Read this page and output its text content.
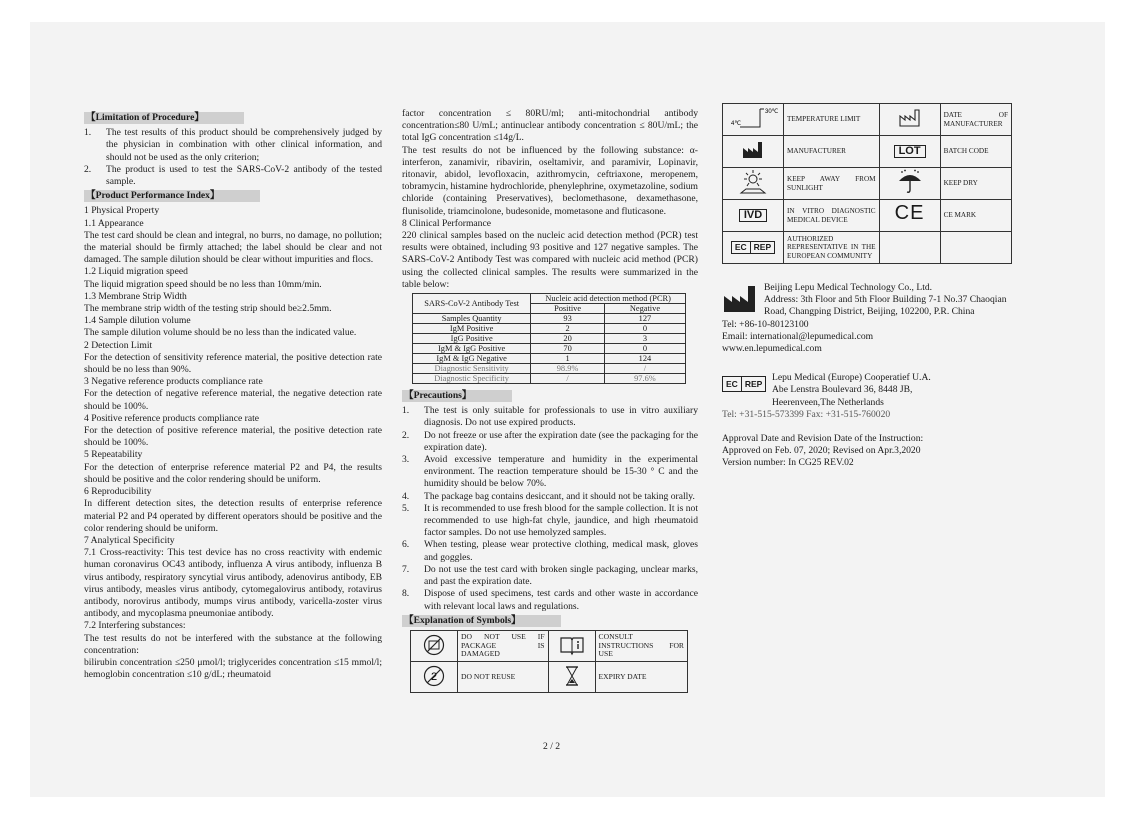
【Limitation of Procedure】
1.	The test results of this product should be comprehensively judged by the physician in combination with other clinical information, and should not be used as the only criterion;
2.	The product is used to test the SARS-CoV-2 antibody of the tested sample.
【Product Performance Index】

1 Physical Property

1.1 Appearance

The test card should be clean and integral, no burrs, no damage, no pollution; the material should be firmly attached; the label should be clear and not damaged. The sample dilution should be clear without impurities and flocs.

1.2 Liquid migration speed

The liquid migration speed should be no less than 10mm/min.

1.3 Membrane Strip Width

The membrane strip width of the testing strip should be≥2.5mm.

1.4 Sample dilution volume

The sample dilution volume should be no less than the indicated value.

2 Detection Limit

For the detection of sensitivity reference material, the positive detection rate should be no less than 90%.

3 Negative reference products compliance rate

For the detection of negative reference material, the negative detection rate should be 100%.

4 Positive reference products compliance rate

For the detection of positive reference material, the positive detection rate should be 100%.

5 Repeatability

For the detection of enterprise reference material P2 and P4, the results should be positive and the color rendering should be uniform.

6 Reproducibility

In different detection sites, the detection results of enterprise reference material P2 and P4 operated by different operators should be positive and the color rendering should be uniform.

7 Analytical Specificity

7.1 Cross-reactivity: This test device has no cross reactivity with endemic human coronavirus OC43 antibody, influenza A virus antibody, influenza B virus antibody, respiratory syncytial virus antibody, adenovirus antibody, EB virus antibody, measles virus antibody, cytomegalovirus antibody, rotavirus antibody, norovirus antibody, mumps virus antibody, varicella-zoster virus antibody, and mycoplasma pneumoniae antibody.

7.2 Interfering substances:

The test results do not be interfered with the substance at the following concentration:

bilirubin concentration ≤250 μmol/l; triglycerides concentration ≤15 mmol/l; hemoglobin concentration ≤10 g/dL; rheumatoid

factor concentration ≤ 80RU/ml; anti-mitochondrial antibody concentration≤80 U/mL; antinuclear antibody concentration ≤ 80U/mL; the total IgG concentration ≤14g/L.

The test results do not be influenced by the following substance: α-interferon, zanamivir, ribavirin, oseltamivir, and paramivir, Lopinavir, ritonavir, abidol, levofloxacin, azithromycin, ceftriaxone, meropenem, tobramycin, histamine hydrochloride, phenylephrine, oxymetazoline, sodium chloride (containing Preservatives), beclomethasone, dexamethasone, flunisolide, triamcinolone, budesonide, mometasone and fluticasone.

8 Clinical Performance

220 clinical samples based on the nucleic acid detection method (PCR) test results were obtained, including 93 positive and 127 negative samples. The SARS-CoV-2 Antibody Test was compared with nucleic acid method (PCR) using the collected clinical samples. The results were summarized in the table below:

SARS-CoV-2 Antibody Test	Nucleic acid detection method (PCR)	
	Positive	Negative
Samples Quantity	93	127
IgM Positive	2	0
IgG Positive	20	3
IgM & IgG Positive	70	0
IgM & IgG Negative	1	124
Diagnostic Sensitivity	98.9%	/
Diagnostic Specificity	/	97.6%
【Precautions】
1.	The test is only suitable for professionals to use in vitro auxiliary diagnosis. Do not use expired products.
2.	Do not freeze or use after the expiration date (see the packaging for the expiration date).
3.	Avoid excessive temperature and humidity in the experimental environment. The reaction temperature should be 15-30 ° C and the humidity should be below 70%.
4.	The package bag contains desiccant, and it should not be taking orally.
5.	It is recommended to use fresh blood for the sample collection. It is not recommended to use high-fat chyle, jaundice, and high rheumatoid factor samples. Do not use hemolyzed samples.
6.	When testing, please wear protective clothing, medical mask, gloves and goggles.
7.	Do not use the test card with broken single packaging, unclear marks, and past the expiration date.
8.	Dispose of used specimens, test cards and other waste in accordance with relevant local laws and regulations.
【Explanation of Symbols】
	DO NOT USE IF PACKAGE IS DAMAGED		CONSULT INSTRUCTIONS FOR USE

2	DO NOT REUSE		EXPIRY DATE
2 / 2
30℃
4℃	TEMPERATURE LIMIT		DATE OF MANUFACTURER
	MANUFACTURER	LOT	BATCH CODE
	KEEP AWAY FROM SUNLIGHT		KEEP DRY
IVD	IN VITRO DIAGNOSTIC MEDICAL DEVICE	CE	CE MARK

EC REP	AUTHORIZED REPRESENTATIVE IN THE EUROPEAN COMMUNITY		

Beijing Lepu Medical Technology Co., Ltd.

Address: 3th Floor and 5th Floor Building 7-1 No.37 Chaoqian Road, Changping District, Beijing, 102200, P.R. China

Tel: +86-10-80123100

Email: international@lepumedical.com

www.en.lepumedical.com

EC REP

Lepu Medical (Europe) Cooperatief U.A.

Abe Lenstra Boulevard 36, 8448 JB,

Heerenveen,The Netherlands

Tel: +31-515-573399 Fax: +31-515-760020

Approval Date and Revision Date of the Instruction:

Approved on Feb. 07, 2020; Revised on Apr.3,2020

Version number: In CG25 REV.02
